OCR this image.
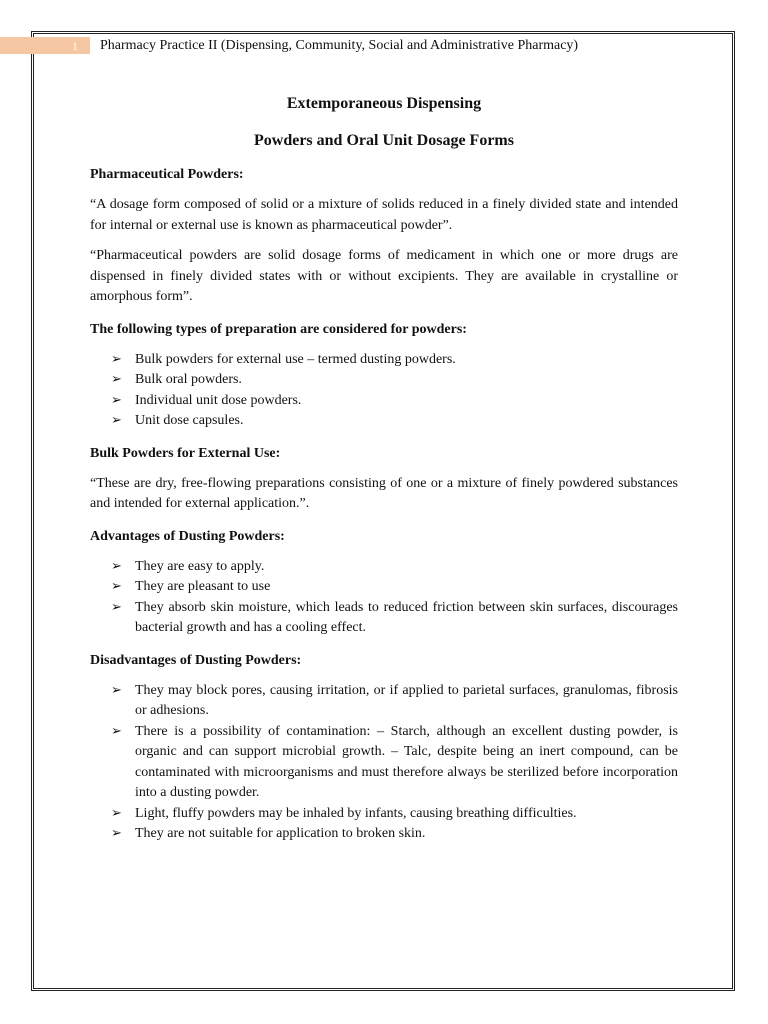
1	Pharmacy Practice II (Dispensing, Community, Social and Administrative Pharmacy)
Extemporaneous Dispensing
Powders and Oral Unit Dosage Forms
Pharmaceutical Powders:

“A dosage form composed of solid or a mixture of solids reduced in a finely divided state and intended for internal or external use is known as pharmaceutical powder”.

“Pharmaceutical powders are solid dosage forms of medicament in which one or more drugs are dispensed in finely divided states with or without excipients. They are available in crystalline or amorphous form”.

The following types of preparation are considered for powders:
➢ Bulk powders for external use – termed dusting powders.
➢ Bulk oral powders.
➢ Individual unit dose powders.
➢ Unit dose capsules.
Bulk Powders for External Use:

“These are dry, free-flowing preparations consisting of one or a mixture of finely powdered substances and intended for external application.”.

Advantages of Dusting Powders:
➢ They are easy to apply.
➢ They are pleasant to use
➢ They absorb skin moisture, which leads to reduced friction between skin surfaces, discourages bacterial growth and has a cooling effect.
Disadvantages of Dusting Powders:
➢ They may block pores, causing irritation, or if applied to parietal surfaces, granulomas, fibrosis or adhesions.
➢ There is a possibility of contamination: – Starch, although an excellent dusting powder, is organic and can support microbial growth. – Talc, despite being an inert compound, can be contaminated with microorganisms and must therefore always be sterilized before incorporation into a dusting powder.
➢ Light, fluffy powders may be inhaled by infants, causing breathing difficulties.
➢ They are not suitable for application to broken skin.
